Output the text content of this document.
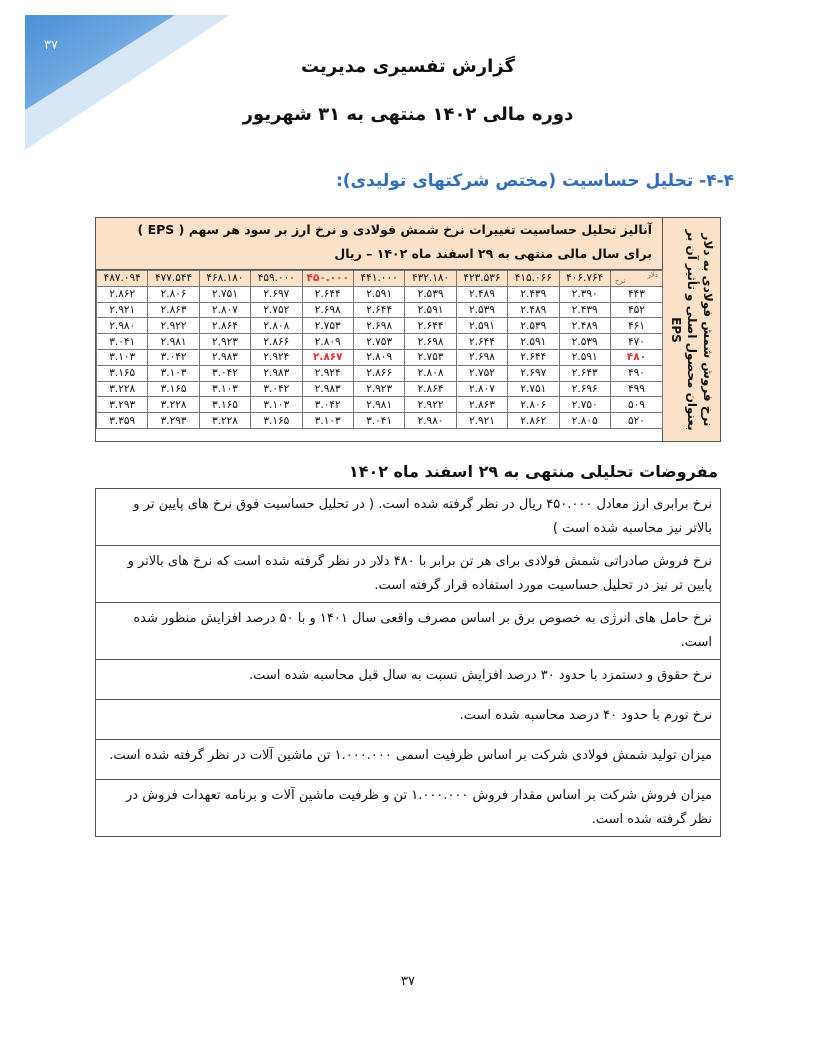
۳۷
گزارش تفسیری مدیریت
دوره مالی ۱۴۰۲ منتهی به ۳۱ شهریور
۴-۴- تحلیل حساسیت (مختص شرکتهای تولیدی):
نرخ فروش شمش فولادی به دلار بعنوان محصول اصلی و تأثیر آن بر EPS
آنالیز تحلیل حساسیت تغییرات نرخ شمش فولادی و نرخ ارز بر سود هر سهم ( EPS )
برای سال مالی منتهی به ۲۹ اسفند ماه ۱۴۰۲ – ریال
۴۸۷.۰۹۴	۴۷۷.۵۴۴	۴۶۸.۱۸۰	۴۵۹.۰۰۰	۴۵۰.۰۰۰	۴۴۱.۰۰۰	۴۳۲.۱۸۰	۴۲۳.۵۳۶	۴۱۵.۰۶۶	۴۰۶.۷۶۴	دلار
نرخ

۲.۸۶۲	۲.۸۰۶	۲.۷۵۱	۲.۶۹۷	۲.۶۴۴	۲.۵۹۱	۲.۵۳۹	۲.۴۸۹	۲.۴۳۹	۲.۳۹۰	۴۴۳
۲.۹۲۱	۲.۸۶۳	۲.۸۰۷	۲.۷۵۲	۲.۶۹۸	۲.۶۴۴	۲.۵۹۱	۲.۵۳۹	۲.۴۸۹	۲.۴۳۹	۴۵۲
۲.۹۸۰	۲.۹۲۲	۲.۸۶۴	۲.۸۰۸	۲.۷۵۳	۲.۶۹۸	۲.۶۴۴	۲.۵۹۱	۲.۵۳۹	۲.۴۸۹	۴۶۱
۳.۰۴۱	۲.۹۸۱	۲.۹۲۳	۲.۸۶۶	۲.۸۰۹	۲.۷۵۳	۲.۶۹۸	۲.۶۴۴	۲.۵۹۱	۲.۵۳۹	۴۷۰
۳.۱۰۳	۳.۰۴۲	۲.۹۸۳	۲.۹۲۴	۲.۸۶۷	۲.۸۰۹	۲.۷۵۳	۲.۶۹۸	۲.۶۴۴	۲.۵۹۱	۴۸۰
۳.۱۶۵	۳.۱۰۳	۳.۰۴۲	۲.۹۸۳	۲.۹۲۴	۲.۸۶۶	۲.۸۰۸	۲.۷۵۲	۲.۶۹۷	۲.۶۴۳	۴۹۰
۳.۲۲۸	۳.۱۶۵	۳.۱۰۳	۳.۰۴۲	۲.۹۸۳	۲.۹۲۳	۲.۸۶۴	۲.۸۰۷	۲.۷۵۱	۲.۶۹۶	۴۹۹
۳.۲۹۳	۳.۲۲۸	۳.۱۶۵	۳.۱۰۳	۳.۰۴۲	۲.۹۸۱	۲.۹۲۲	۲.۸۶۳	۲.۸۰۶	۲.۷۵۰	۵۰۹
۳.۳۵۹	۳.۲۹۳	۳.۲۲۸	۳.۱۶۵	۳.۱۰۳	۳.۰۴۱	۲.۹۸۰	۲.۹۲۱	۲.۸۶۲	۲.۸۰۵	۵۲۰
مفروضات تحلیلی منتهی به ۲۹ اسفند ماه ۱۴۰۲
نرخ برابری ارز معادل ۴۵۰.۰۰۰ ریال در نظر گرفته شده است. ( در تحلیل حساسیت فوق نرخ های پایین تر و بالاتر نیز محاسبه شده است )
نرخ فروش صادراتی شمش فولادی برای هر تن برابر با ۴۸۰ دلار در نظر گرفته شده است که نرخ های بالاتر و پایین تر نیز در تحلیل حساسیت مورد استفاده قرار گرفته است.
نرخ حامل های انرژی به خصوص برق بر اساس مصرف واقعی سال ۱۴۰۱ و با ۵۰ درصد افزایش منظور شده است.
نرخ حقوق و دستمزد با حدود ۳۰ درصد افزایش نسبت به سال قبل محاسبه شده است.
نرخ تورم با حدود ۴۰ درصد محاسبه شده است.
میزان تولید شمش فولادی شرکت بر اساس ظرفیت اسمی ۱.۰۰۰.۰۰۰ تن ماشین آلات در نظر گرفته شده است.
میزان فروش شرکت بر اساس مقدار فروش ۱.۰۰۰.۰۰۰ تن و ظرفیت ماشین آلات و برنامه تعهدات فروش در نظر گرفته شده است.
۳۷
